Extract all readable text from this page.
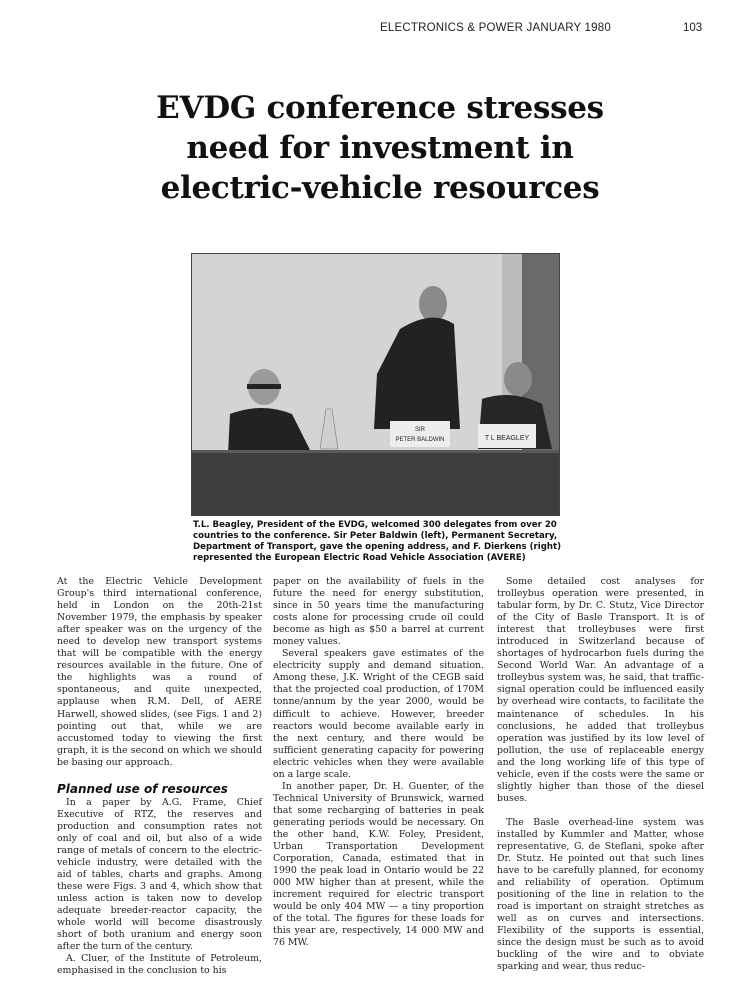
ELECTRONICS & POWER JANUARY 1980	103
EVDG conference stresses
need for investment in
electric-vehicle resources
SIR
PETER BALDWIN	T L BEAGLEY
T.L. Beagley, President of the EVDG, welcomed 300 delegates from over 20 countries to the conference. Sir Peter Baldwin (left), Permanent Secretary, Department of Transport, gave the opening address, and F. Dierkens (right) represented the European Electric Road Vehicle Association (AVERE)

At the Electric Vehicle Development Group's third international conference, held in London on the 20th-21st November 1979, the emphasis by speaker after speaker was on the urgency of the need to develop new transport systems that will be compatible with the energy resources available in the future. One of the highlights was a round of spontaneous, and quite unexpected, applause when R.M. Dell, of AERE Harwell, showed slides, (see Figs. 1 and 2) pointing out that, while we are accustomed today to viewing the first graph, it is the second on which we should be basing our approach.

Planned use of resources

In a paper by A.G. Frame, Chief Executive of RTZ, the reserves and production and consumption rates not only of coal and oil, but also of a wide range of metals of concern to the electric-vehicle industry, were detailed with the aid of tables, charts and graphs. Among these were Figs. 3 and 4, which show that unless action is taken now to develop adequate breeder-reactor capacity, the whole world will become disastrously short of both uranium and energy soon after the turn of the century.

A. Cluer, of the Institute of Petroleum, emphasised in the conclusion to his

paper on the availability of fuels in the future the need for energy substitution, since in 50 years time the manufacturing costs alone for processing crude oil could become as high as $50 a barrel at current money values.

Several speakers gave estimates of the electricity supply and demand situation. Among these, J.K. Wright of the CEGB said that the projected coal production, of 170M tonne/annum by the year 2000, would be difficult to achieve. However, breeder reactors would become available early in the next century, and there would be sufficient generating capacity for powering electric vehicles when they were available on a large scale.

In another paper, Dr. H. Guenter, of the Technical University of Brunswick, warned that some recharging of batteries in peak generating periods would be necessary. On the other hand, K.W. Foley, President, Urban Transportation Development Corporation, Canada, estimated that in 1990 the peak load in Ontario would be 22 000 MW higher than at present, while the increment required for electric transport would be only 404 MW — a tiny proportion of the total. The figures for these loads for this year are, respectively, 14 000 MW and 76 MW.

Some detailed cost analyses for trolleybus operation were presented, in tabular form, by Dr. C. Stutz, Vice Director of the City of Basle Transport. It is of interest that trolleybuses were first introduced in Switzerland because of shortages of hydrocarbon fuels during the Second World War. An advantage of a trolleybus system was, he said, that traffic-signal operation could be influenced easily by overhead wire contacts, to facilitate the maintenance of schedules. In his conclusions, he added that trolleybus operation was justified by its low level of pollution, the use of replaceable energy and the long working life of this type of vehicle, even if the costs were the same or slightly higher than those of the diesel buses.

The Basle overhead-line system was installed by Kummler and Matter, whose representative, G. de Steflani, spoke after Dr. Stutz. He pointed out that such lines have to be carefully planned, for economy and reliability of operation. Optimum positioning of the line in relation to the road is important on straight stretches as well as on curves and intersections. Flexibility of the supports is essential, since the design must be such as to avoid buckling of the wire and to obviate sparking and wear, thus reduc-
